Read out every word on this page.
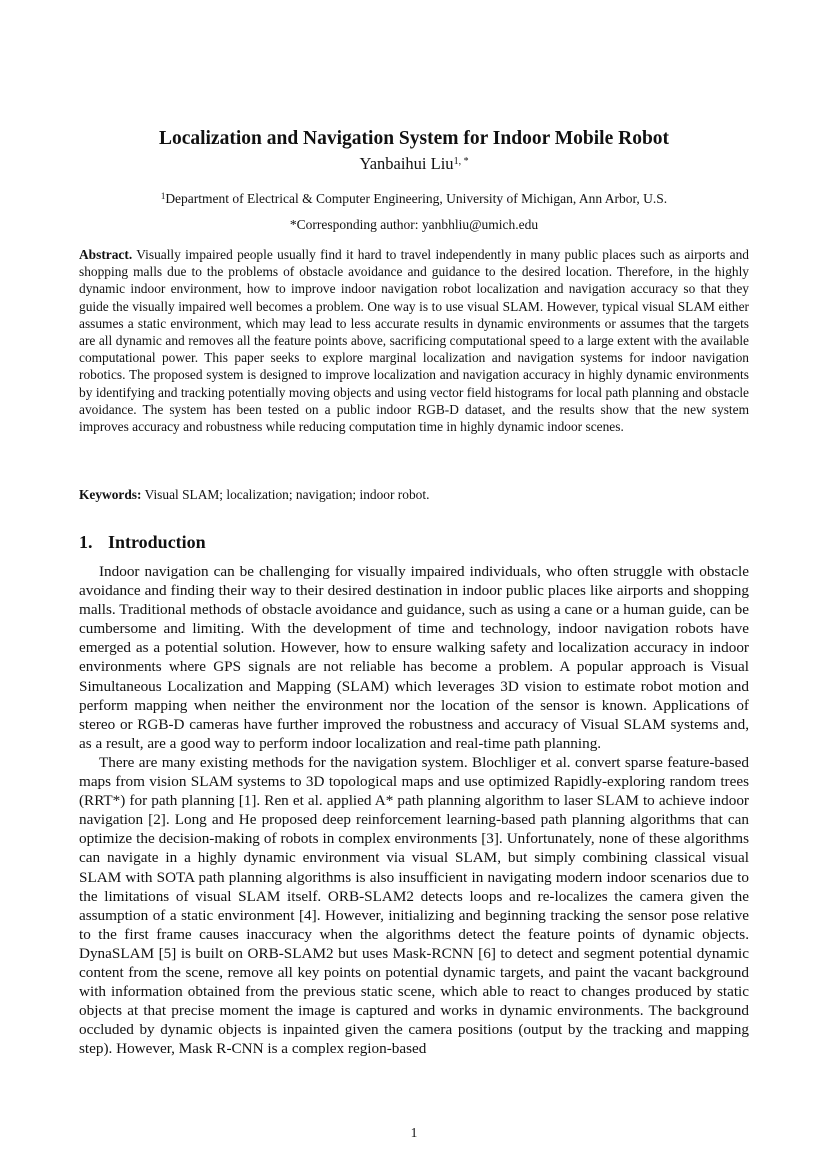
Localization and Navigation System for Indoor Mobile Robot
Yanbaihui Liu$^{1, *}$
$^1$Department of Electrical & Computer Engineering, University of Michigan, Ann Arbor, U.S.
*Corresponding author: yanbhliu@umich.edu
Abstract. Visually impaired people usually find it hard to travel independently in many public places such as airports and shopping malls due to the problems of obstacle avoidance and guidance to the desired location. Therefore, in the highly dynamic indoor environment, how to improve indoor navigation robot localization and navigation accuracy so that they guide the visually impaired well becomes a problem. One way is to use visual SLAM. However, typical visual SLAM either assumes a static environment, which may lead to less accurate results in dynamic environments or assumes that the targets are all dynamic and removes all the feature points above, sacrificing computational speed to a large extent with the available computational power. This paper seeks to explore marginal localization and navigation systems for indoor navigation robotics. The proposed system is designed to improve localization and navigation accuracy in highly dynamic environments by identifying and tracking potentially moving objects and using vector field histograms for local path planning and obstacle avoidance. The system has been tested on a public indoor RGB-D dataset, and the results show that the new system improves accuracy and robustness while reducing computation time in highly dynamic indoor scenes.
Keywords: Visual SLAM; localization; navigation; indoor robot.
1. Introduction

Indoor navigation can be challenging for visually impaired individuals, who often struggle with obstacle avoidance and finding their way to their desired destination in indoor public places like airports and shopping malls. Traditional methods of obstacle avoidance and guidance, such as using a cane or a human guide, can be cumbersome and limiting. With the development of time and technology, indoor navigation robots have emerged as a potential solution. However, how to ensure walking safety and localization accuracy in indoor environments where GPS signals are not reliable has become a problem. A popular approach is Visual Simultaneous Localization and Mapping (SLAM) which leverages 3D vision to estimate robot motion and perform mapping when neither the environment nor the location of the sensor is known. Applications of stereo or RGB-D cameras have further improved the robustness and accuracy of Visual SLAM systems and, as a result, are a good way to perform indoor localization and real-time path planning.

There are many existing methods for the navigation system. Blochliger et al. convert sparse feature-based maps from vision SLAM systems to 3D topological maps and use optimized Rapidly-exploring random trees (RRT*) for path planning [1]. Ren et al. applied A* path planning algorithm to laser SLAM to achieve indoor navigation [2]. Long and He proposed deep reinforcement learning-based path planning algorithms that can optimize the decision-making of robots in complex environments [3]. Unfortunately, none of these algorithms can navigate in a highly dynamic environment via visual SLAM, but simply combining classical visual SLAM with SOTA path planning algorithms is also insufficient in navigating modern indoor scenarios due to the limitations of visual SLAM itself. ORB-SLAM2 detects loops and re-localizes the camera given the assumption of a static environment [4]. However, initializing and beginning tracking the sensor pose relative to the first frame causes inaccuracy when the algorithms detect the feature points of dynamic objects. DynaSLAM [5] is built on ORB-SLAM2 but uses Mask-RCNN [6] to detect and segment potential dynamic content from the scene, remove all key points on potential dynamic targets, and paint the vacant background with information obtained from the previous static scene, which able to react to changes produced by static objects at that precise moment the image is captured and works in dynamic environments. The background occluded by dynamic objects is inpainted given the camera positions (output by the tracking and mapping step). However, Mask R-CNN is a complex region-based

1
